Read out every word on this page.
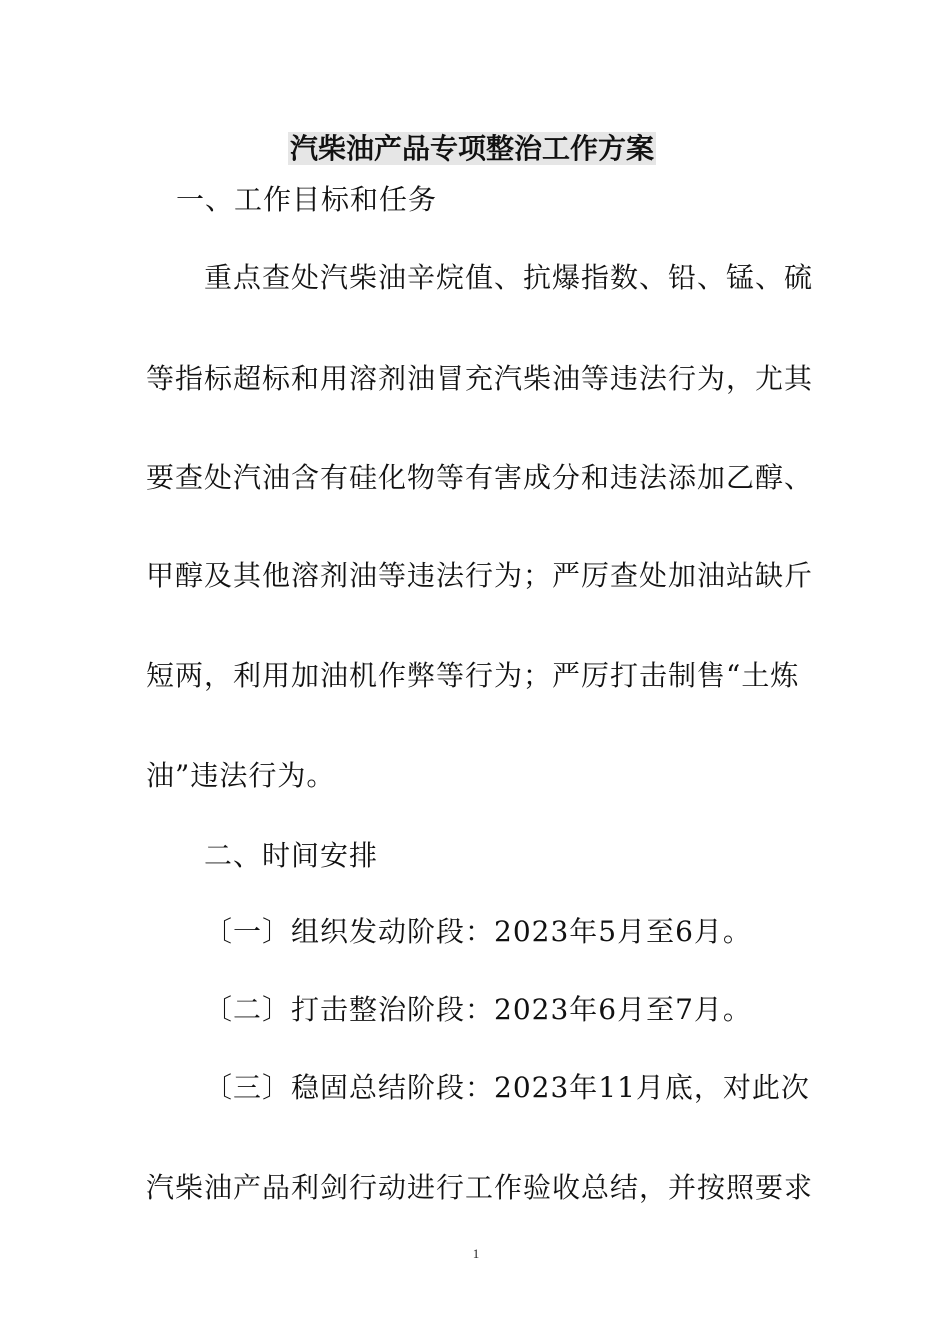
汽柴油产品专项整治工作方案
一、工作目标和任务
重点查处汽柴油辛烷值、抗爆指数、铅、锰、硫
等指标超标和用溶剂油冒充汽柴油等违法行为，尤其
要查处汽油含有硅化物等有害成分和违法添加乙醇、
甲醇及其他溶剂油等违法行为；严厉查处加油站缺斤
短两，利用加油机作弊等行为；严厉打击制售“土炼
油”违法行为。
二、时间安排
〔一〕组织发动阶段：2023年5月至6月。
〔二〕打击整治阶段：2023年6月至7月。
〔三〕稳固总结阶段：2023年11月底，对此次
汽柴油产品利剑行动进行工作验收总结，并按照要求
1
